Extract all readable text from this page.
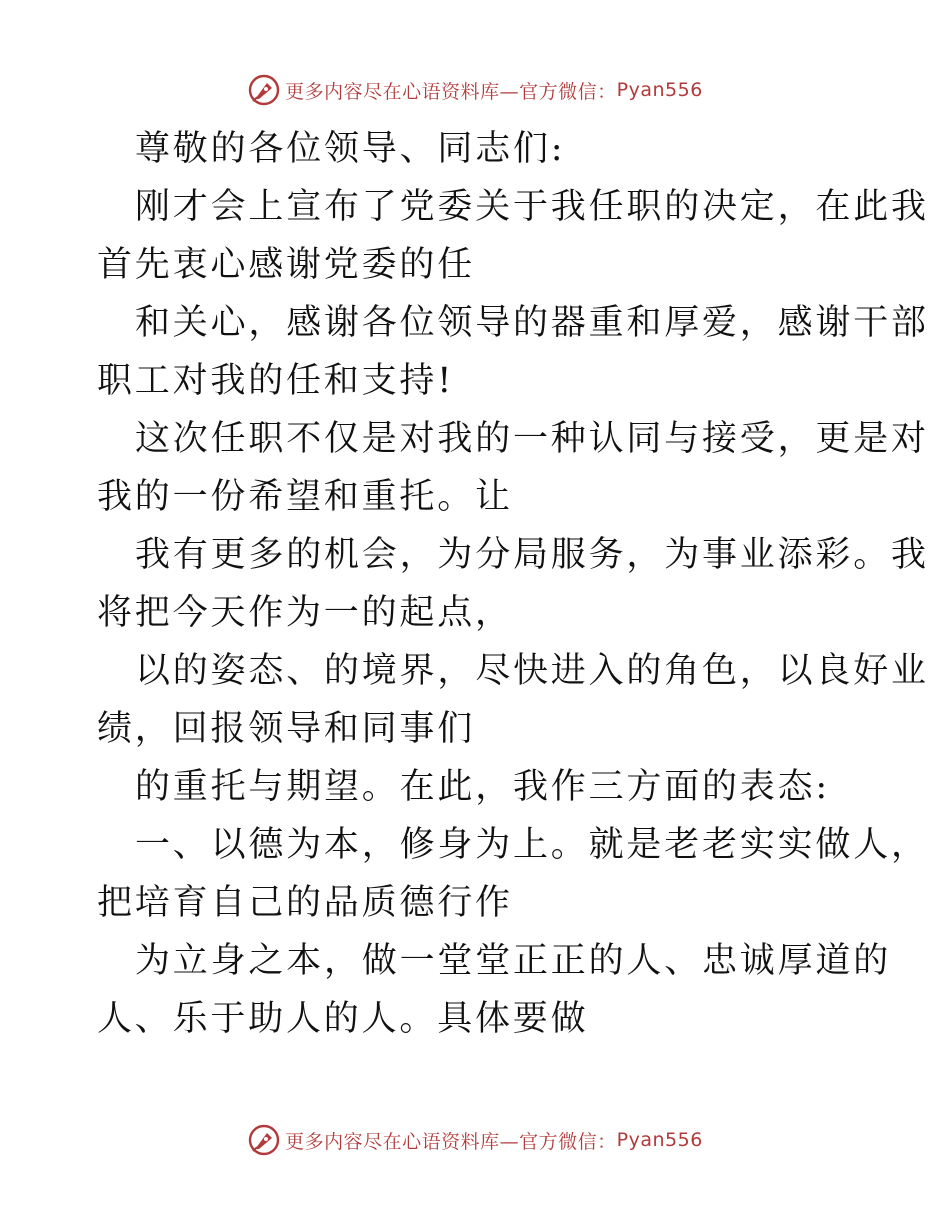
更多内容尽在心语资料库—官方微信： Pyan556
尊敬的各位领导、同志们:
刚才会上宣布了党委关于我任职的决定，在此我
首先衷心感谢党委的任
和关心，感谢各位领导的器重和厚爱，感谢干部
职工对我的任和支持!
这次任职不仅是对我的一种认同与接受，更是对
我的一份希望和重托。让
我有更多的机会，为分局服务，为事业添彩。我
将把今天作为一的起点，
以的姿态、的境界，尽快进入的角色，以良好业
绩，回报领导和同事们
的重托与期望。在此，我作三方面的表态:
一、以德为本，修身为上。就是老老实实做人，
把培育自己的品质德行作
为立身之本，做一堂堂正正的人、忠诚厚道的
人、乐于助人的人。具体要做
更多内容尽在心语资料库—官方微信： Pyan556
